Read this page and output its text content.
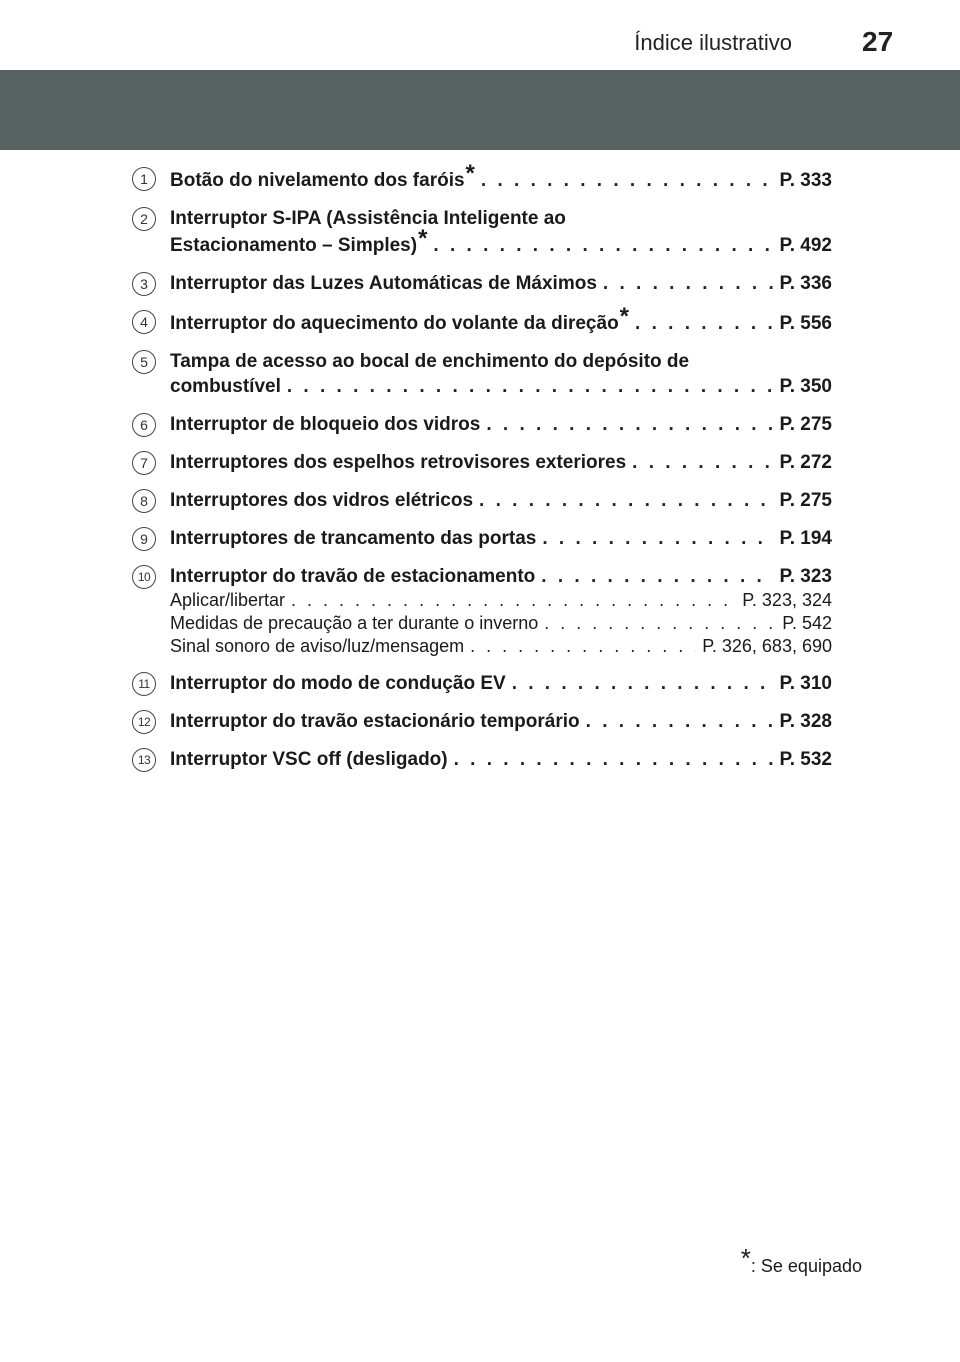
Índice ilustrativo	27
1	Botão do nivelamento dos faróis* . . .	P. 333
2	Interruptor S-IPA (Assistência Inteligente ao
Estacionamento – Simples)* . . .	P. 492
3	Interruptor das Luzes Automáticas de Máximos . . .	P. 336
4	Interruptor do aquecimento do volante da direção* . . .	P. 556
5	Tampa de acesso ao bocal de enchimento do depósito de
combustível . . .	P. 350
6	Interruptor de bloqueio dos vidros . . .	P. 275
7	Interruptores dos espelhos retrovisores exteriores . . .	P. 272
8	Interruptores dos vidros elétricos . . .	P. 275
9	Interruptores de trancamento das portas . . .	P. 194
10	Interruptor do travão de estacionamento . . .	P. 323
Aplicar/libertar . . .	P. 323, 324
Medidas de precaução a ter durante o inverno . . .	P. 542
Sinal sonoro de aviso/luz/mensagem . . .	P. 326, 683, 690
11	Interruptor do modo de condução EV . . .	P. 310
12	Interruptor do travão estacionário temporário . . .	P. 328
13	Interruptor VSC off (desligado) . . .	P. 532
*: Se equipado
